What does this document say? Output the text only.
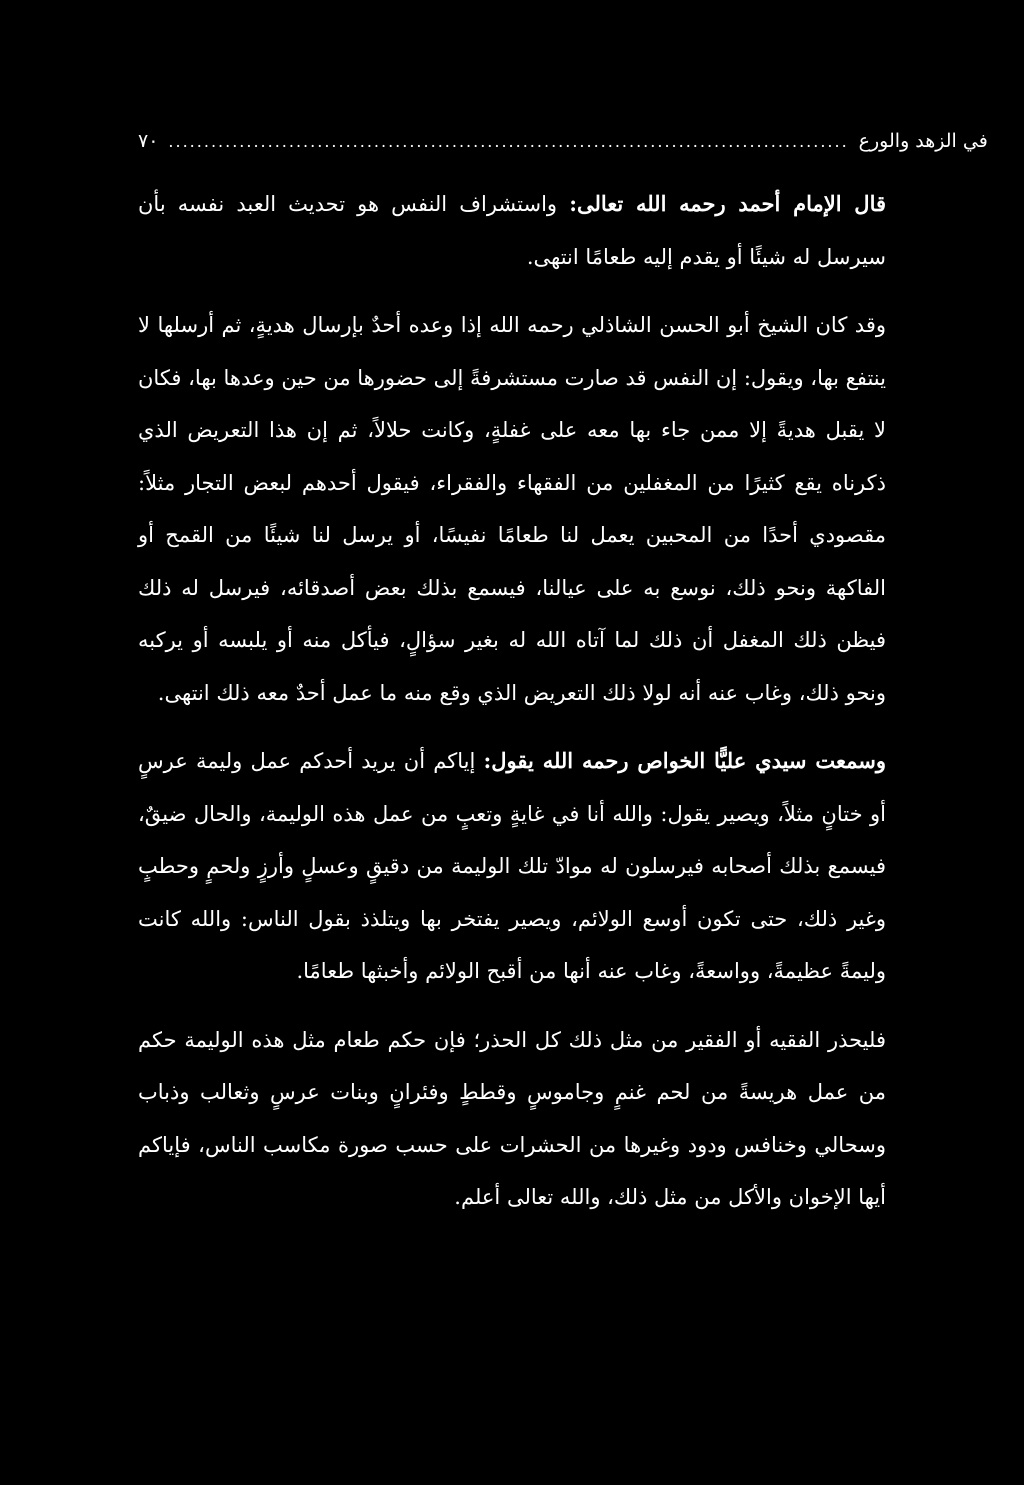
٧٠ ................................................................................................ في الزهد والورع

قال الإمام أحمد رحمه الله تعالى: واستشراف النفس هو تحديث العبد نفسه بأن سيرسل له شيئًا أو يقدم إليه طعامًا انتهى.

وقد كان الشيخ أبو الحسن الشاذلي رحمه الله إذا وعده أحدٌ بإرسال هديةٍ، ثم أرسلها لا ينتفع بها، ويقول: إن النفس قد صارت مستشرفةً إلى حضورها من حين وعدها بها، فكان لا يقبل هديةً إلا ممن جاء بها معه على غفلةٍ، وكانت حلالاً، ثم إن هذا التعريض الذي ذكرناه يقع كثيرًا من المغفلين من الفقهاء والفقراء، فيقول أحدهم لبعض التجار مثلاً: مقصودي أحدًا من المحبين يعمل لنا طعامًا نفيسًا، أو يرسل لنا شيئًا من القمح أو الفاكهة ونحو ذلك، نوسع به على عيالنا، فيسمع بذلك بعض أصدقائه، فيرسل له ذلك فيظن ذلك المغفل أن ذلك لما آتاه الله له بغير سؤالٍ، فيأكل منه أو يلبسه أو يركبه ونحو ذلك، وغاب عنه أنه لولا ذلك التعريض الذي وقع منه ما عمل أحدٌ معه ذلك انتهى.

وسمعت سيدي عليًّا الخواص رحمه الله يقول: إياكم أن يريد أحدكم عمل وليمة عرسٍ أو ختانٍ مثلاً، ويصير يقول: والله أنا في غايةٍ وتعبٍ من عمل هذه الوليمة، والحال ضيقٌ، فيسمع بذلك أصحابه فيرسلون له موادّ تلك الوليمة من دقيقٍ وعسلٍ وأرزٍ ولحمٍ وحطبٍ وغير ذلك، حتى تكون أوسع الولائم، ويصير يفتخر بها ويتلذذ بقول الناس: والله كانت وليمةً عظيمةً، وواسعةً، وغاب عنه أنها من أقبح الولائم وأخبثها طعامًا.

فليحذر الفقيه أو الفقير من مثل ذلك كل الحذر؛ فإن حكم طعام مثل هذه الوليمة حكم من عمل هريسةً من لحم غنمٍ وجاموسٍ وقططٍ وفئرانٍ وبنات عرسٍ وثعالب وذباب وسحالي وخنافس ودود وغيرها من الحشرات على حسب صورة مكاسب الناس، فإياكم أيها الإخوان والأكل من مثل ذلك، والله تعالى أعلم.
